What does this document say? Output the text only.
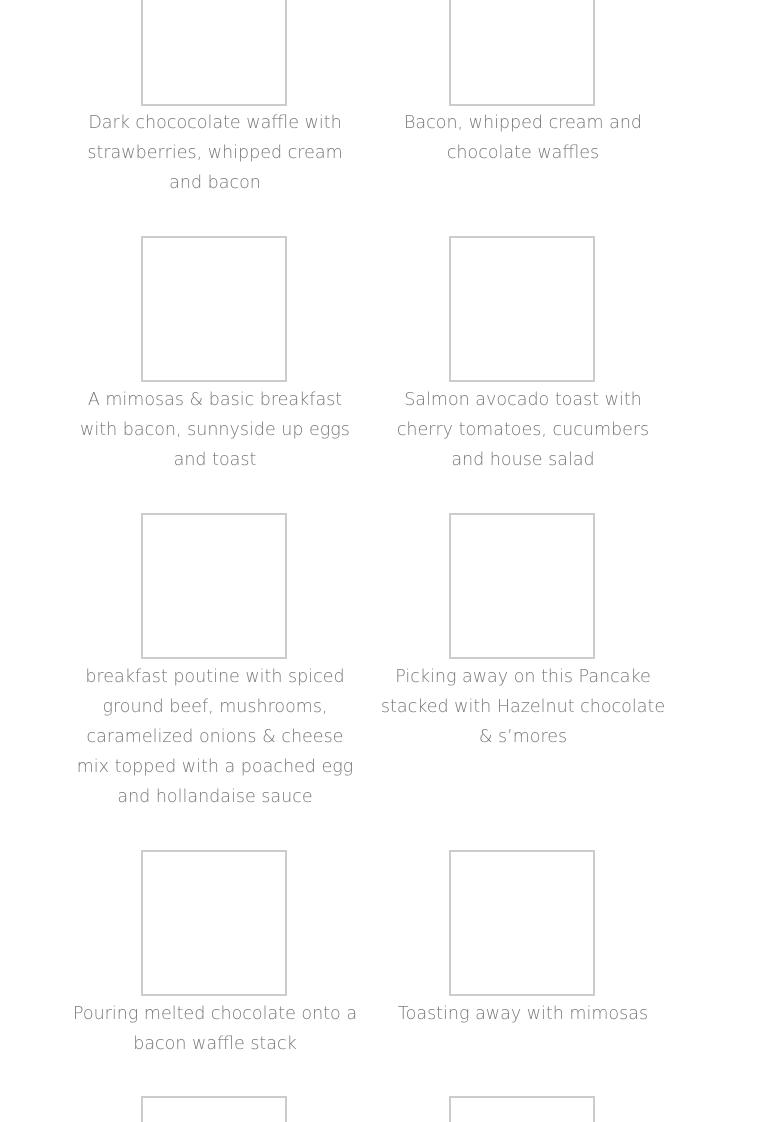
Dark chococolate waffle with strawberries, whipped cream and bacon
Bacon, whipped cream and chocolate waffles
A mimosas & basic breakfast with bacon, sunnyside up eggs and toast
Salmon avocado toast with cherry tomatoes, cucumbers and house salad
breakfast poutine with spiced ground beef, mushrooms, caramelized onions & cheese mix topped with a poached egg and hollandaise sauce
Picking away on this Pancake stacked with Hazelnut chocolate & s’mores
Pouring melted chocolate onto a bacon waffle stack
Toasting away with mimosas
